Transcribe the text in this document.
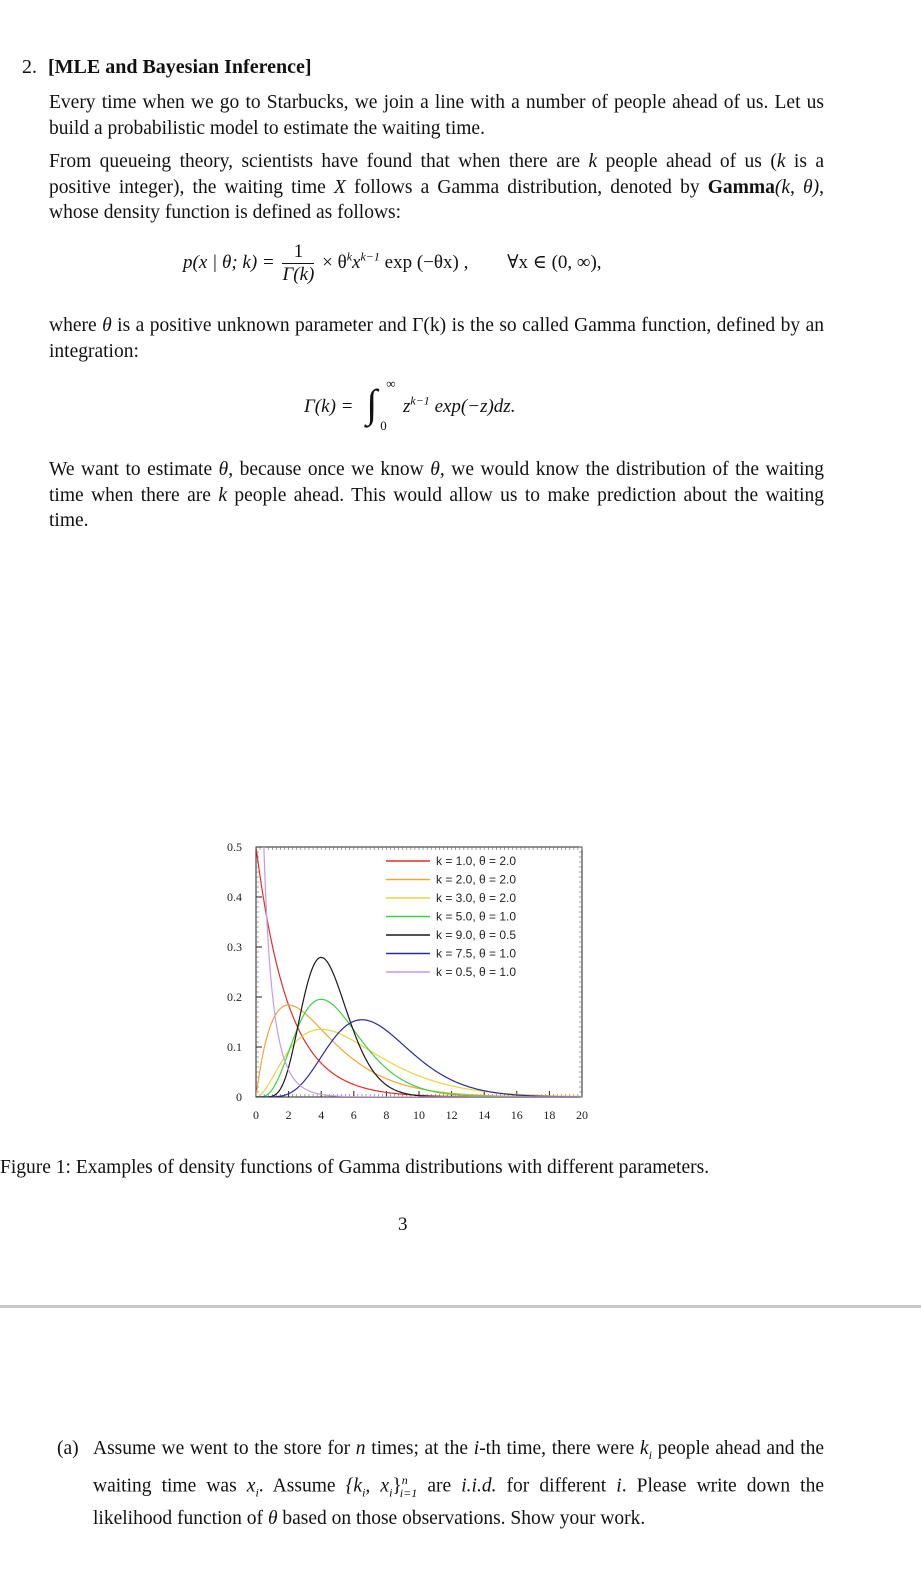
2. [MLE and Bayesian Inference]
Every time when we go to Starbucks, we join a line with a number of people ahead of us. Let us build a probabilistic model to estimate the waiting time.
From queueing theory, scientists have found that when there are k people ahead of us (k is a positive integer), the waiting time X follows a Gamma distribution, denoted by Gamma(k, θ), whose density function is defined as follows:
p(x | θ; $k) = \frac{1}{\Gamma(k)} \times \theta^kx^{k-1}$ exp (−θx) , ∀x ∈ (0, ∞),
where θ is a positive unknown parameter and Γ(k) is the so called Gamma function, defined by an integration:
Γ(k) = ∫ ∞
0
$z^{k-1}$ exp(−z)dz.
We want to estimate θ, because once we know θ, we would know the distribution of the waiting time when there are k people ahead. This would allow us to make prediction about the waiting time.
0 2 4 6 8 10 12 14 16 18 20
0
0.1
0.2
0.3
0.4
0.5
k = 1.0, θ = 2.0
k = 2.0, θ = 2.0
k = 3.0, θ = 2.0
k = 5.0, θ = 1.0
k = 9.0, θ = 0.5
k = 7.5, θ = 1.0
k = 0.5, θ = 1.0
Figure 1: Examples of density functions of Gamma distributions with different parameters.
3
(a) Assume we went to the store for n times; at the i-th time, there were $k_i$ people ahead and the waiting time was $x_i$. Assume {$k_i$, $x_i\}^n_{i=1}$ are i.i.d. for different i. Please write down the likelihood function of θ based on those observations. Show your work.
